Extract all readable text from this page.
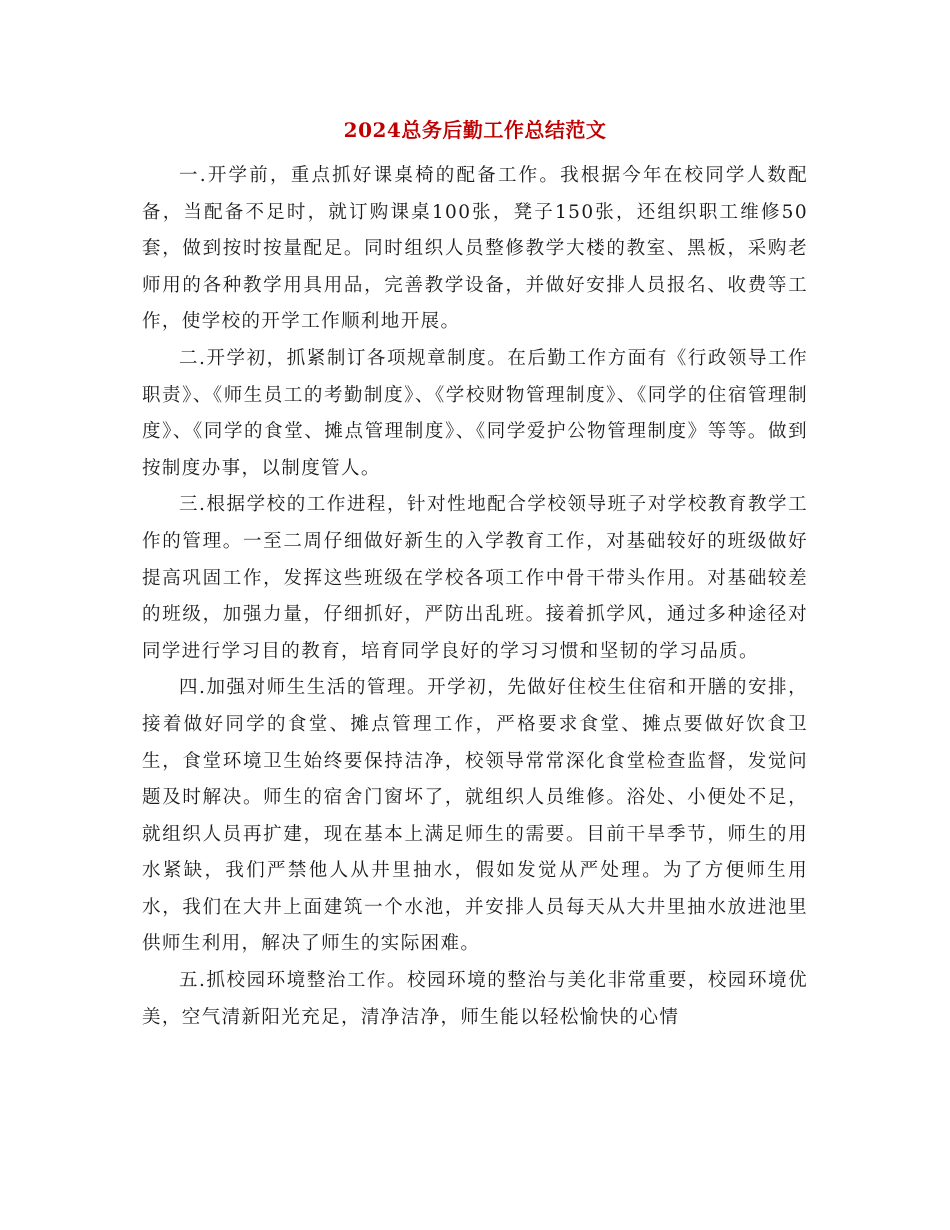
2024总务后勤工作总结范文

一.开学前，重点抓好课桌椅的配备工作。我根据今年在校同学人数配备，当配备不足时，就订购课桌100张，凳子150张，还组织职工维修50套，做到按时按量配足。同时组织人员整修教学大楼的教室、黑板，采购老师用的各种教学用具用品，完善教学设备，并做好安排人员报名、收费等工作，使学校的开学工作顺利地开展。

二.开学初，抓紧制订各项规章制度。在后勤工作方面有《行政领导工作职责》、《师生员工的考勤制度》、《学校财物管理制度》、《同学的住宿管理制度》、《同学的食堂、摊点管理制度》、《同学爱护公物管理制度》等等。做到按制度办事，以制度管人。

三.根据学校的工作进程，针对性地配合学校领导班子对学校教育教学工作的管理。一至二周仔细做好新生的入学教育工作，对基础较好的班级做好提高巩固工作，发挥这些班级在学校各项工作中骨干带头作用。对基础较差的班级，加强力量，仔细抓好，严防出乱班。接着抓学风，通过多种途径对同学进行学习目的教育，培育同学良好的学习习惯和坚韧的学习品质。

四.加强对师生生活的管理。开学初，先做好住校生住宿和开膳的安排，接着做好同学的食堂、摊点管理工作，严格要求食堂、摊点要做好饮食卫生，食堂环境卫生始终要保持洁净，校领导常常深化食堂检查监督，发觉问题及时解决。师生的宿舍门窗坏了，就组织人员维修。浴处、小便处不足，就组织人员再扩建，现在基本上满足师生的需要。目前干旱季节，师生的用水紧缺，我们严禁他人从井里抽水，假如发觉从严处理。为了方便师生用水，我们在大井上面建筑一个水池，并安排人员每天从大井里抽水放进池里供师生利用，解决了师生的实际困难。

五.抓校园环境整治工作。校园环境的整治与美化非常重要，校园环境优美，空气清新阳光充足，清净洁净，师生能以轻松愉快的心情
